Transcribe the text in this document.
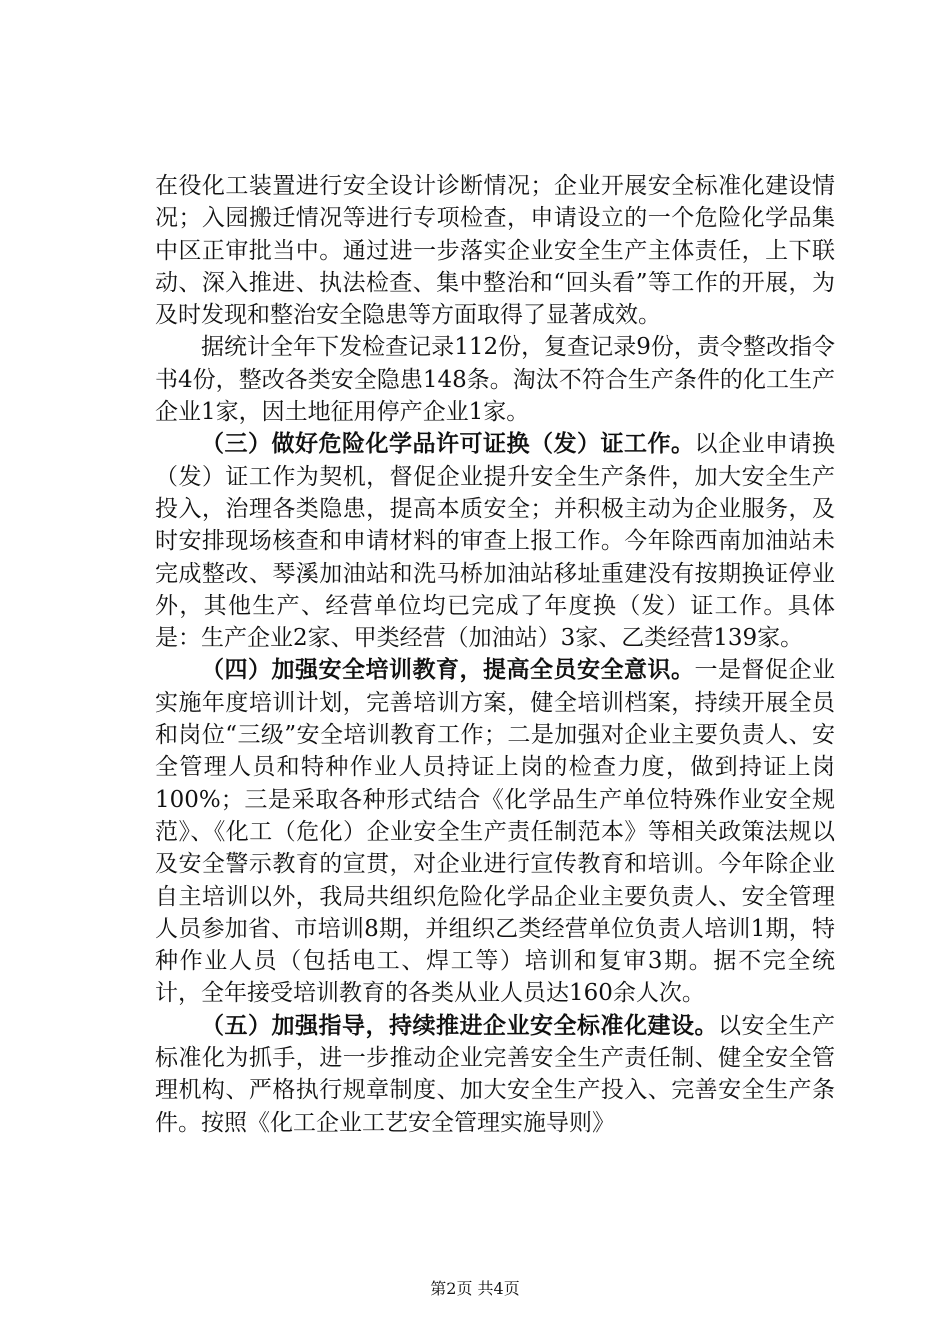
在役化工装置进行安全设计诊断情况；企业开展安全标准化建设情况；入园搬迁情况等进行专项检查，申请设立的一个危险化学品集中区正审批当中。通过进一步落实企业安全生产主体责任，上下联动、深入推进、执法检查、集中整治和“回头看”等工作的开展，为及时发现和整治安全隐患等方面取得了显著成效。

据统计全年下发检查记录112份，复查记录9份，责令整改指令书4份，整改各类安全隐患148条。淘汰不符合生产条件的化工生产企业1家，因土地征用停产企业1家。

（三）做好危险化学品许可证换（发）证工作。以企业申请换（发）证工作为契机，督促企业提升安全生产条件，加大安全生产投入，治理各类隐患，提高本质安全；并积极主动为企业服务，及时安排现场核查和申请材料的审查上报工作。今年除西南加油站未完成整改、琴溪加油站和洗马桥加油站移址重建没有按期换证停业外，其他生产、经营单位均已完成了年度换（发）证工作。具体是：生产企业2家、甲类经营（加油站）3家、乙类经营139家。

（四）加强安全培训教育，提高全员安全意识。一是督促企业实施年度培训计划，完善培训方案，健全培训档案，持续开展全员和岗位“三级”安全培训教育工作；二是加强对企业主要负责人、安全管理人员和特种作业人员持证上岗的检查力度，做到持证上岗100%；三是采取各种形式结合《化学品生产单位特殊作业安全规范》、《化工（危化）企业安全生产责任制范本》等相关政策法规以及安全警示教育的宣贯，对企业进行宣传教育和培训。今年除企业自主培训以外，我局共组织危险化学品企业主要负责人、安全管理人员参加省、市培训8期，并组织乙类经营单位负责人培训1期，特种作业人员（包括电工、焊工等）培训和复审3期。据不完全统计，全年接受培训教育的各类从业人员达160余人次。

（五）加强指导，持续推进企业安全标准化建设。以安全生产标准化为抓手，进一步推动企业完善安全生产责任制、健全安全管理机构、严格执行规章制度、加大安全生产投入、完善安全生产条件。按照《化工企业工艺安全管理实施导则》

第2页 共4页
